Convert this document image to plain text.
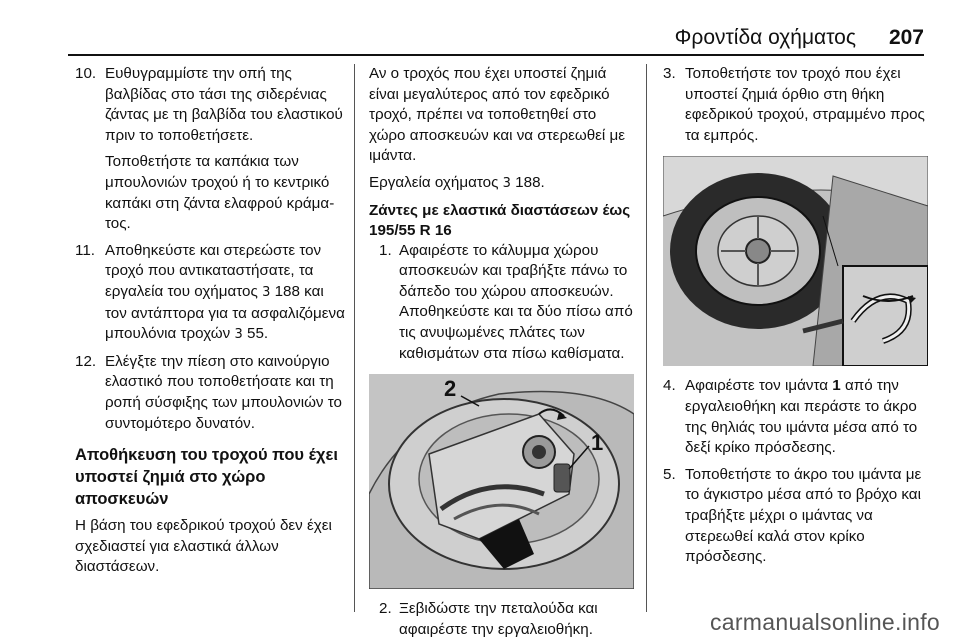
Φροντίδα οχήματος 207
10. Ευθυγραμμίστε την οπή της βαλβίδας στο τάσι της σιδερένιας ζάντας με τη βαλβίδα του ελαστικού πριν το τοποθετήσετε.

Τοποθετήστε τα καπάκια των μπουλονιών τροχού ή το κεντρικό καπάκι στη ζάντα ελαφρού κράματος.

11. Αποθηκεύστε και στερεώστε τον τροχό που αντικαταστήσατε, τα εργαλεία του οχήματος 3 188 και τον αντάπτορα για τα ασφαλιζόμενα μπουλόνια τροχών 3 55.

12. Ελέγξτε την πίεση στο καινούργιο ελαστικό που τοποθετήσατε και τη ροπή σύσφιξης των μπουλονιών το συντομότερο δυνατόν.

Αποθήκευση του τροχού που έχει υποστεί ζημιά στο χώρο αποσκευών

Η βάση του εφεδρικού τροχού δεν έχει σχεδιαστεί για ελαστικά άλλων διαστάσεων.

Αν ο τροχός που έχει υποστεί ζημιά είναι μεγαλύτερος από τον εφεδρικό τροχό, πρέπει να τοποθετηθεί στο χώρο αποσκευών και να στερεωθεί με ιμάντα.

Εργαλεία οχήματος 3 188.

Ζάντες με ελαστικά διαστάσεων έως 195/55 R 16
1. Αφαιρέστε το κάλυμμα χώρου αποσκευών και τραβήξτε πάνω το δάπεδο του χώρου αποσκευών. Αποθηκεύστε και τα δύο πίσω από τις ανυψωμένες πλάτες των καθισμάτων στα πίσω καθίσματα.

1
2
2. Ξεβιδώστε την πεταλούδα και αφαιρέστε την εργαλειοθήκη.

3. Τοποθετήστε τον τροχό που έχει υποστεί ζημιά όρθιο στη θήκη εφεδρικού τροχού, στραμμένο προς τα εμπρός.

4. Αφαιρέστε τον ιμάντα 1 από την εργαλειοθήκη και περάστε το άκρο της θηλιάς του ιμάντα μέσα από το δεξί κρίκο πρόσδεσης.

5. Τοποθετήστε το άκρο του ιμάντα με το άγκιστρο μέσα από το βρόχο και τραβήξτε μέχρι ο ιμάντας να στερεωθεί καλά στον κρίκο πρόσδεσης.

carmanualsonline.info
